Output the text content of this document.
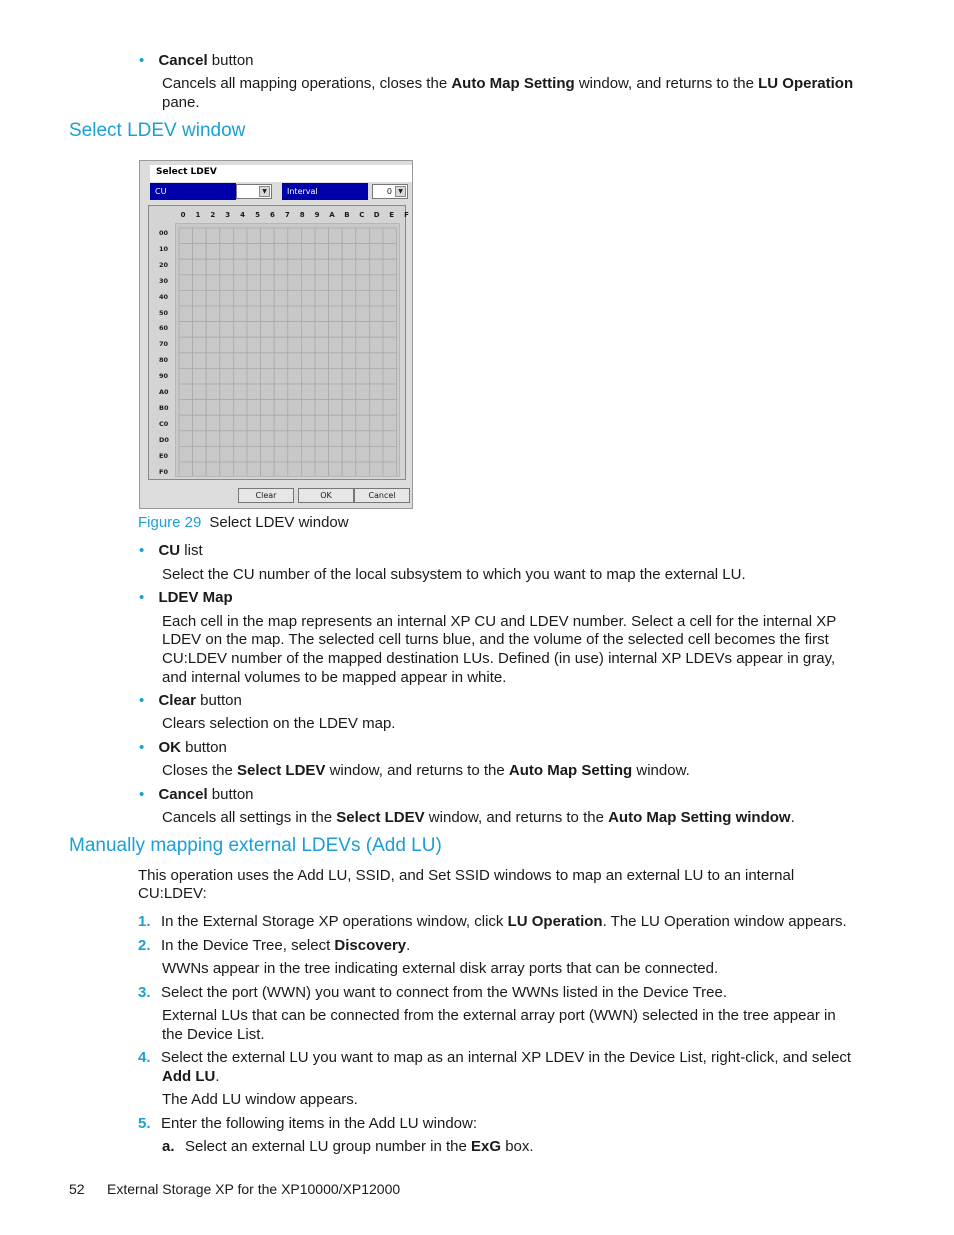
• Cancel button
Cancels all mapping operations, closes the Auto Map Setting window, and returns to the LU Operation
pane.
Select LDEV window
Select LDEV
CU	▼	Interval	0	▼
0	1	2	3	4	5	6	7	8	9	A	B	C	D	E	F
00
10
20
30
40
50
60
70
80
90
A0
B0
C0
D0
E0
F0
Clear	OK	Cancel
Figure 29 Select LDEV window
• CU list
Select the CU number of the local subsystem to which you want to map the external LU.
• LDEV Map
Each cell in the map represents an internal XP CU and LDEV number. Select a cell for the internal XP
LDEV on the map. The selected cell turns blue, and the volume of the selected cell becomes the first
CU:LDEV number of the mapped destination LUs. Defined (in use) internal XP LDEVs appear in gray,
and internal volumes to be mapped appear in white.
• Clear button
Clears selection on the LDEV map.
• OK button
Closes the Select LDEV window, and returns to the Auto Map Setting window.
• Cancel button
Cancels all settings in the Select LDEV window, and returns to the Auto Map Setting window.
Manually mapping external LDEVs (Add LU)
This operation uses the Add LU, SSID, and Set SSID windows to map an external LU to an internal
CU:LDEV:
1. In the External Storage XP operations window, click LU Operation. The LU Operation window appears.
2. In the Device Tree, select Discovery.
WWNs appear in the tree indicating external disk array ports that can be connected.
3. Select the port (WWN) you want to connect from the WWNs listed in the Device Tree.
External LUs that can be connected from the external array port (WWN) selected in the tree appear in
the Device List.
4. Select the external LU you want to map as an internal XP LDEV in the Device List, right-click, and select
Add LU.
The Add LU window appears.
5. Enter the following items in the Add LU window:
a. Select an external LU group number in the ExG box.
52 External Storage XP for the XP10000/XP12000
